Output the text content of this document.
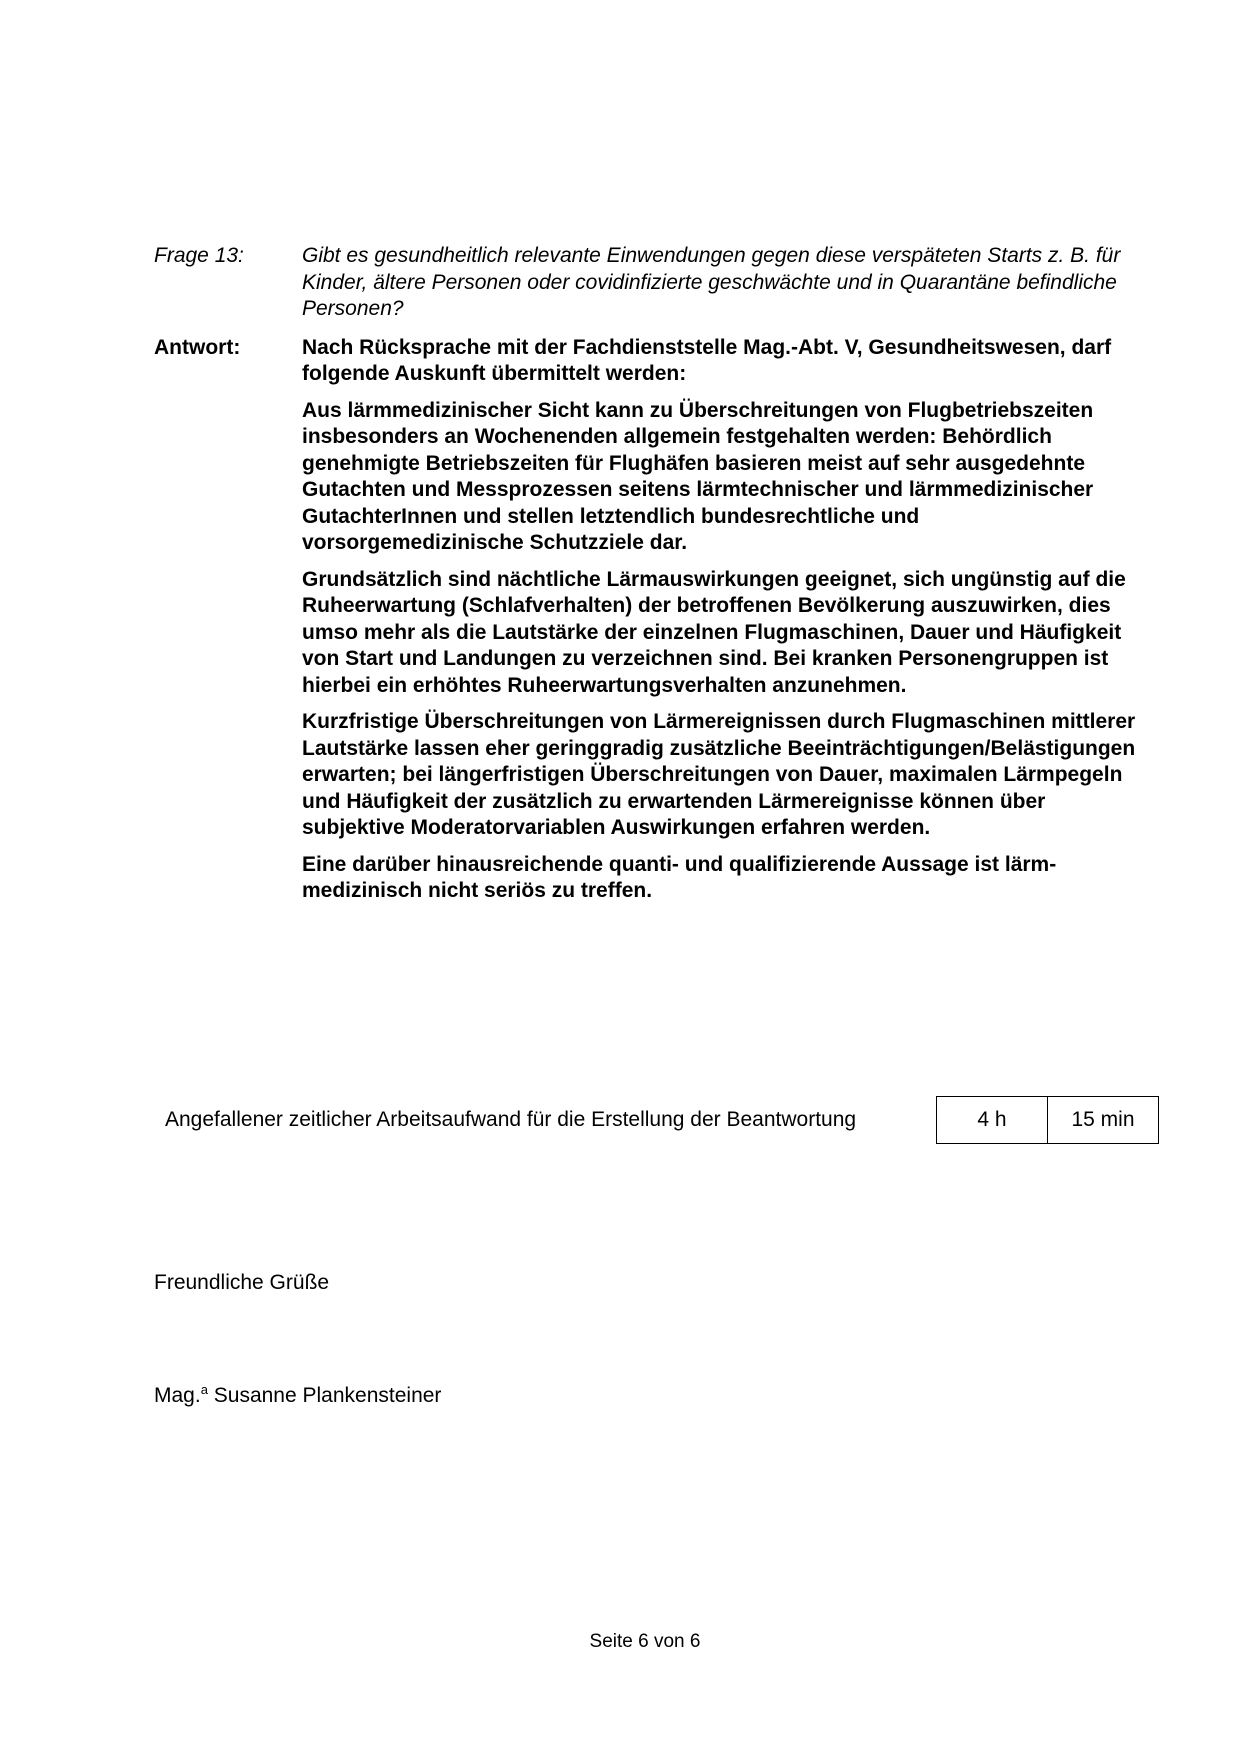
Frage 13:	Gibt es gesundheitlich relevante Einwendungen gegen diese verspäteten Starts z. B. für Kinder, ältere Personen oder covidinfizierte geschwächte und in Quarantäne befindliche Personen?
Antwort:	Nach Rücksprache mit der Fachdienststelle Mag.-Abt. V, Gesundheitswesen, darf folgende Auskunft übermittelt werden:

Aus lärmmedizinischer Sicht kann zu Überschreitungen von Flugbetriebszeiten insbesonders an Wochenenden allgemein festgehalten werden: Behördlich genehmigte Betriebszeiten für Flughäfen basieren meist auf sehr ausgedehnte Gutachten und Messprozessen seitens lärmtechnischer und lärmmedizinischer GutachterInnen und stellen letztendlich bundesrechtliche und vorsorgemedizinische Schutzziele dar.

Grundsätzlich sind nächtliche Lärmauswirkungen geeignet, sich ungünstig auf die Ruheerwartung (Schlafverhalten) der betroffenen Bevölkerung auszuwirken, dies umso mehr als die Lautstärke der einzelnen Flugmaschinen, Dauer und Häufigkeit von Start und Landungen zu verzeichnen sind. Bei kranken Personengruppen ist hierbei ein erhöhtes Ruheerwartungsverhalten anzunehmen.

Kurzfristige Überschreitungen von Lärmereignissen durch Flugmaschinen mittlerer Lautstärke lassen eher geringgradig zusätzliche Beeinträchtigungen/Belästigungen erwarten; bei längerfristigen Überschreitungen von Dauer, maximalen Lärmpegeln und Häufigkeit der zusätzlich zu erwartenden Lärmereignisse können über subjektive Moderatorvariablen Auswirkungen erfahren werden.

Eine darüber hinausreichende quanti- und qualifizierende Aussage ist lärmmedizinisch nicht seriös zu treffen.

Angefallener zeitlicher Arbeitsaufwand für die Erstellung der Beantwortung	4 h	15 min
Freundliche Grüße
Mag.$^a$ Susanne Plankensteiner
Seite 6 von 6
